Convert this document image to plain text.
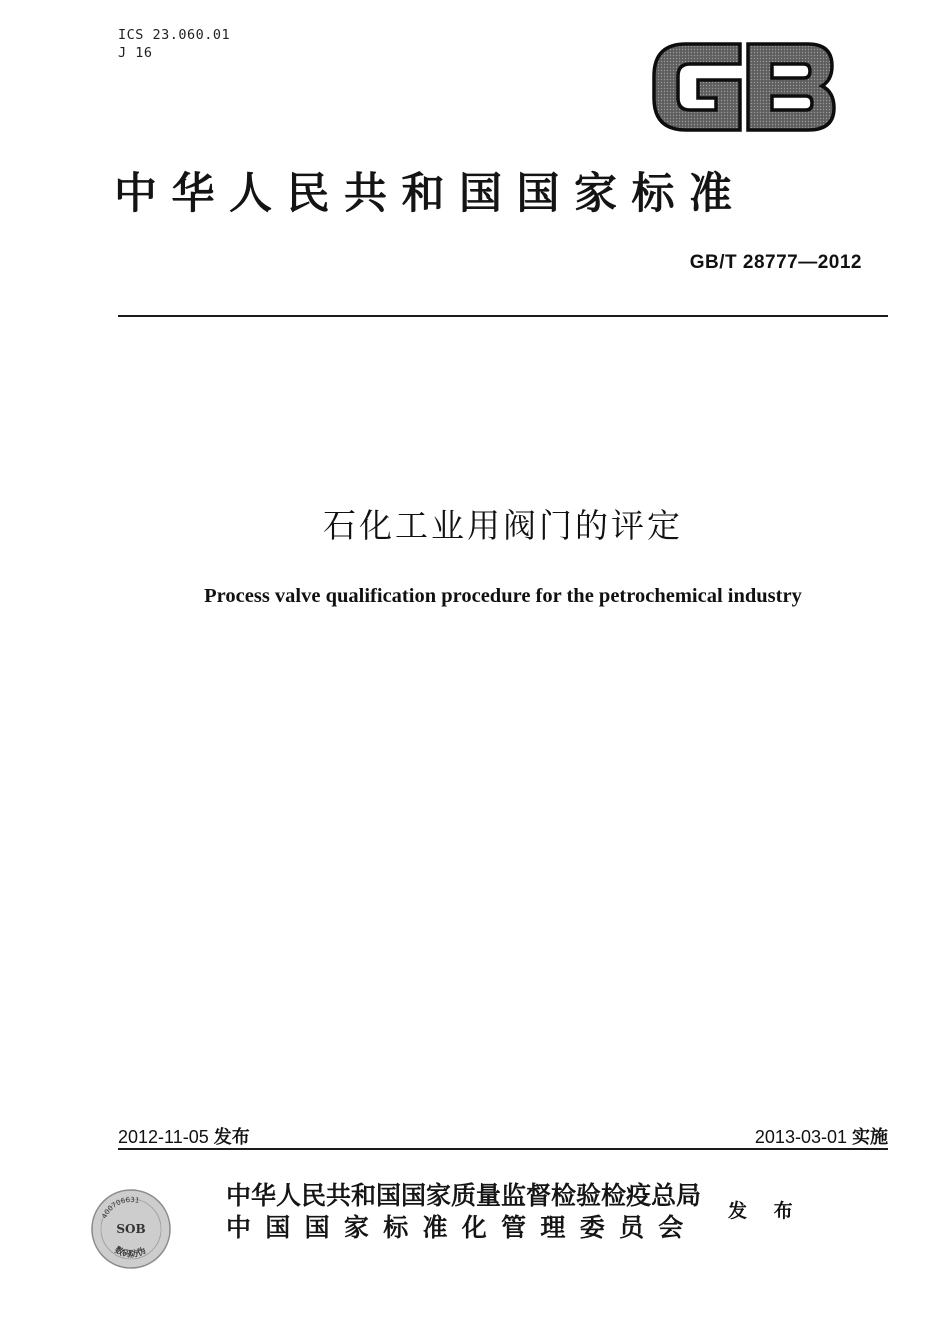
ICS 23.060.01
J 16
GB
中华人民共和国国家标准
GB/T 28777—2012
石化工业用阀门的评定
Process valve qualification procedure for the petrochemical industry
2012-11-05 发布	2013-03-01 实施
400706631
SOB
数码防伪
中华人民共和国国家质量监督检验检疫总局
中国国家标准化管理委员会
发 布
